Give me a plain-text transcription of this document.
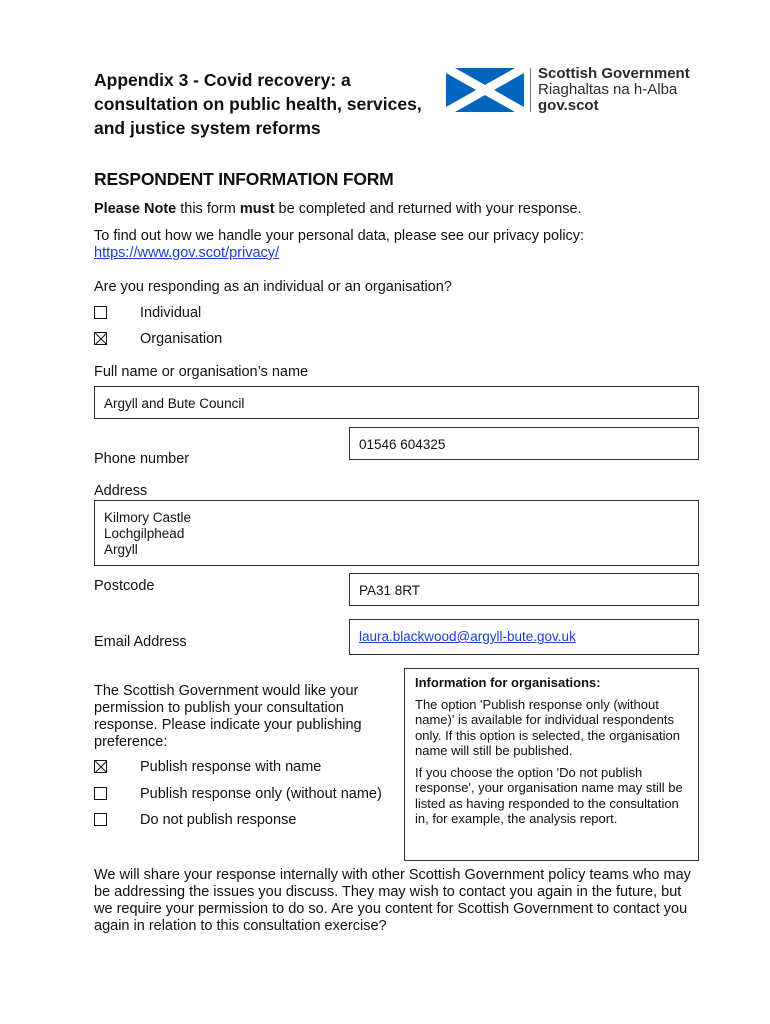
Appendix 3 - Covid recovery: a consultation on public health, services, and justice system reforms
Scottish Government
Riaghaltas na h-Alba
gov.scot
RESPONDENT INFORMATION FORM
Please Note this form must be completed and returned with your response.
To find out how we handle your personal data, please see our privacy policy:
https://www.gov.scot/privacy/
Are you responding as an individual or an organisation?
Individual
Organisation
Full name or organisation’s name
Argyll and Bute Council
01546 604325
Phone number
Address
Kilmory Castle
Lochgilphead
Argyll
Postcode	PA31 8RT
Email Address	laura.blackwood@argyll-bute.gov.uk
The Scottish Government would like your permission to publish your consultation response. Please indicate your publishing preference:
Publish response with name
Publish response only (without name)
Do not publish response
Information for organisations:
The option 'Publish response only (without name)' is available for individual respondents only. If this option is selected, the organisation name will still be published.
If you choose the option 'Do not publish response', your organisation name may still be listed as having responded to the consultation in, for example, the analysis report.
We will share your response internally with other Scottish Government policy teams who may be addressing the issues you discuss. They may wish to contact you again in the future, but we require your permission to do so. Are you content for Scottish Government to contact you again in relation to this consultation exercise?
